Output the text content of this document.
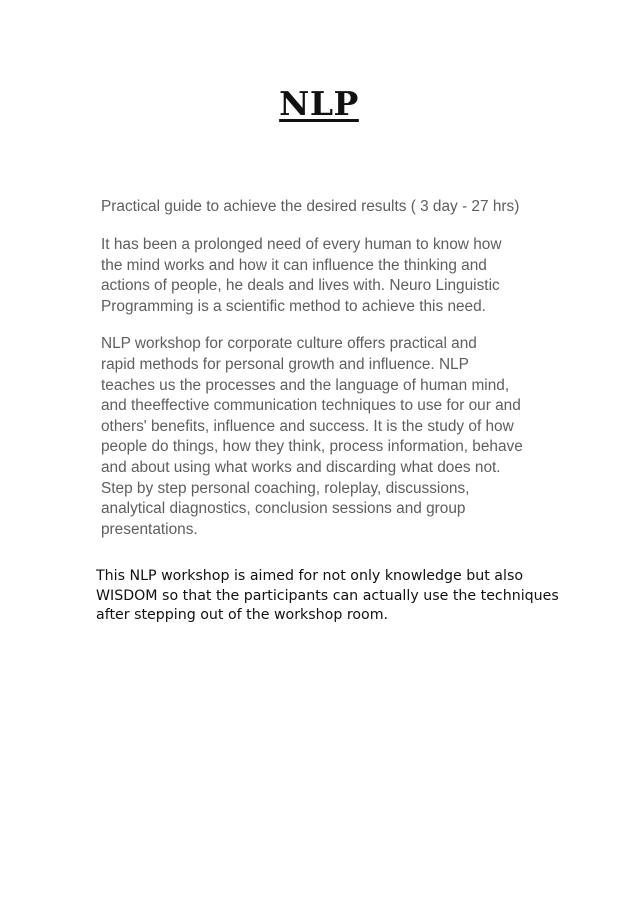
NLP

Practical guide to achieve the desired results ( 3 day - 27 hrs)

It has been a prolonged need of every human to know how

the mind works and how it can influence the thinking and

actions of people, he deals and lives with. Neuro Linguistic

Programming is a scientific method to achieve this need.

NLP workshop for corporate culture offers practical and

rapid methods for personal growth and influence. NLP

teaches us the processes and the language of human mind,

and theeffective communication techniques to use for our and

others' benefits, influence and success. It is the study of how

people do things, how they think, process information, behave

and about using what works and discarding what does not.

Step by step personal coaching, roleplay, discussions,

analytical diagnostics, conclusion sessions and group

presentations.

This NLP workshop is aimed for not only knowledge but also

WISDOM so that the participants can actually use the techniques

after stepping out of the workshop room.
